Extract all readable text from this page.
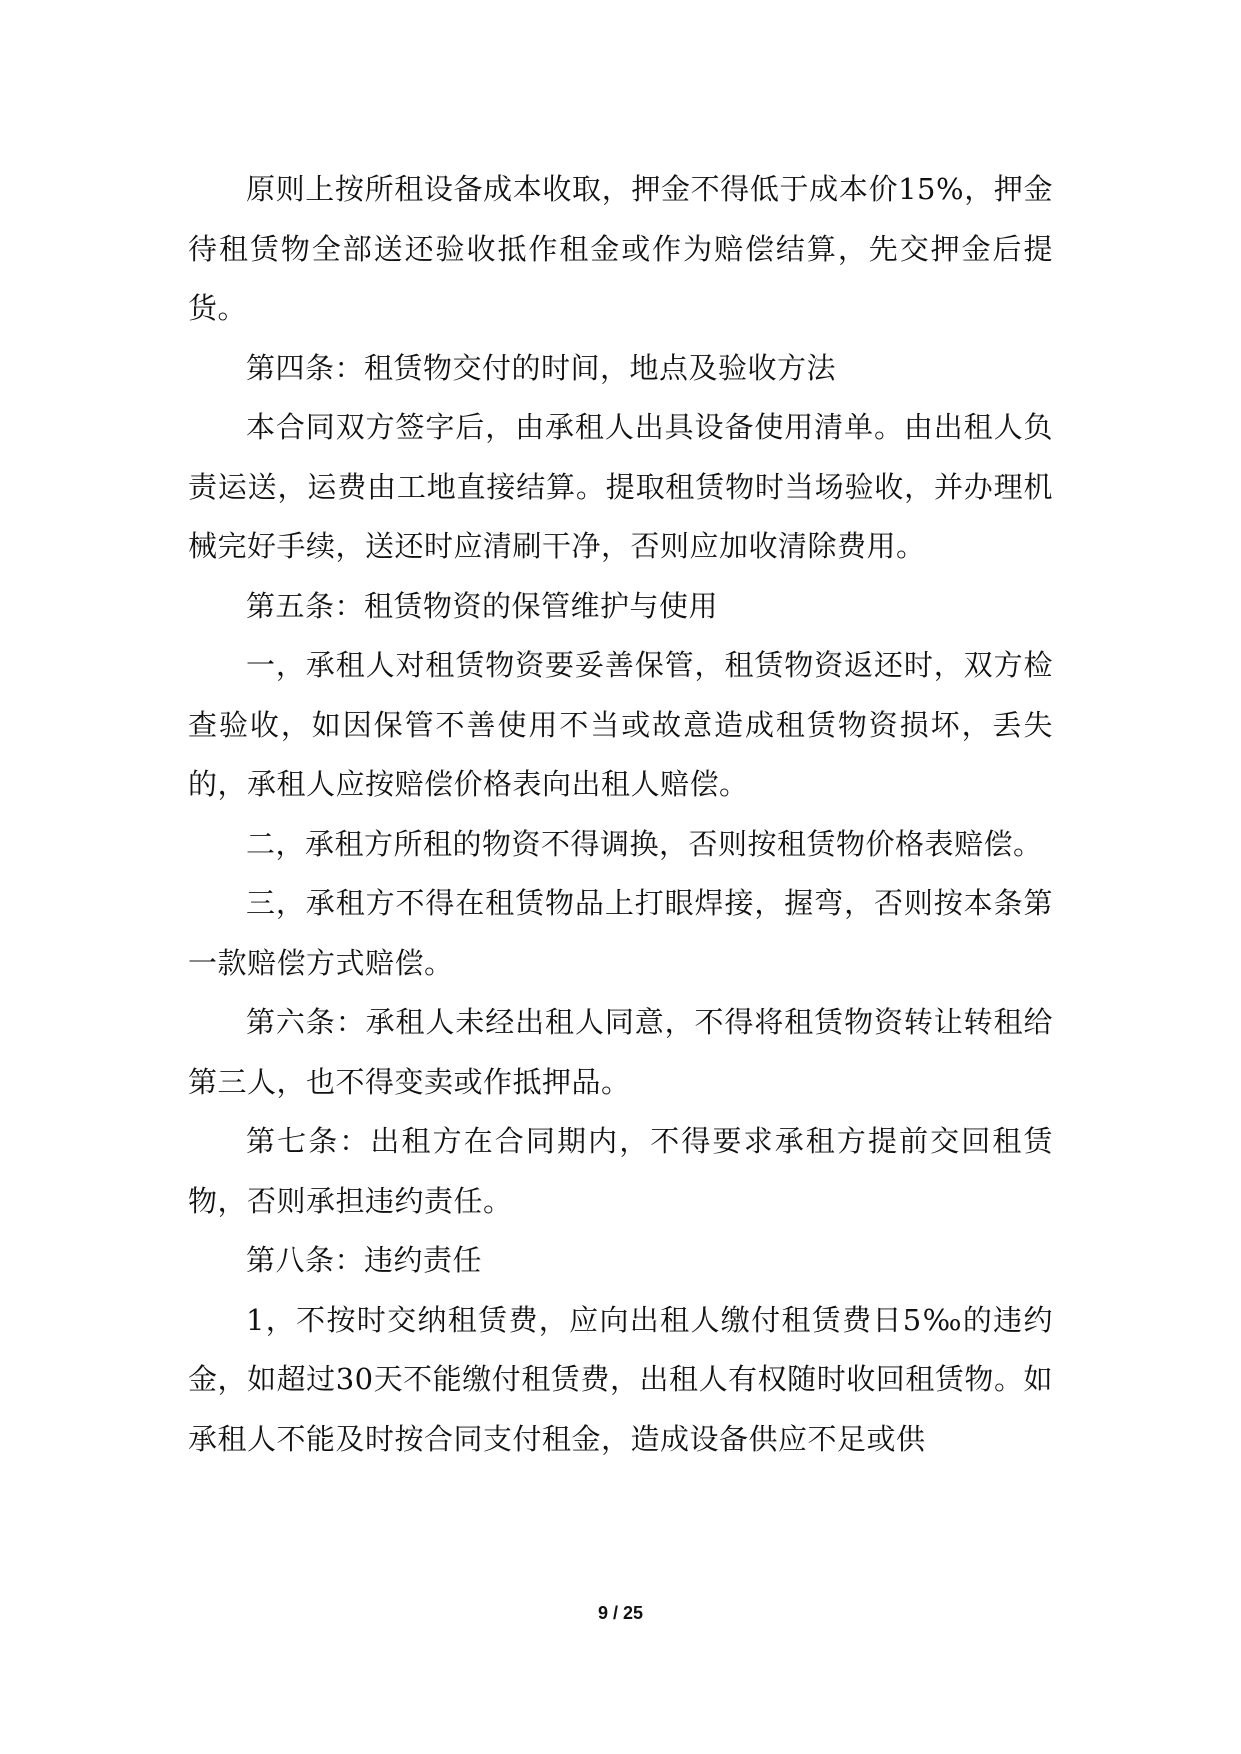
原则上按所租设备成本收取，押金不得低于成本价15%，押金待租赁物全部送还验收抵作租金或作为赔偿结算，先交押金后提货。

第四条：租赁物交付的时间，地点及验收方法

本合同双方签字后，由承租人出具设备使用清单。由出租人负责运送，运费由工地直接结算。提取租赁物时当场验收，并办理机械完好手续，送还时应清刷干净，否则应加收清除费用。

第五条：租赁物资的保管维护与使用

一，承租人对租赁物资要妥善保管，租赁物资返还时，双方检查验收，如因保管不善使用不当或故意造成租赁物资损坏，丢失的，承租人应按赔偿价格表向出租人赔偿。

二，承租方所租的物资不得调换，否则按租赁物价格表赔偿。

三，承租方不得在租赁物品上打眼焊接，握弯，否则按本条第一款赔偿方式赔偿。

第六条：承租人未经出租人同意，不得将租赁物资转让转租给第三人，也不得变卖或作抵押品。

第七条：出租方在合同期内，不得要求承租方提前交回租赁物，否则承担违约责任。

第八条：违约责任

1，不按时交纳租赁费，应向出租人缴付租赁费日5‰的违约金，如超过30天不能缴付租赁费，出租人有权随时收回租赁物。如承租人不能及时按合同支付租金，造成设备供应不足或供

9 / 25
